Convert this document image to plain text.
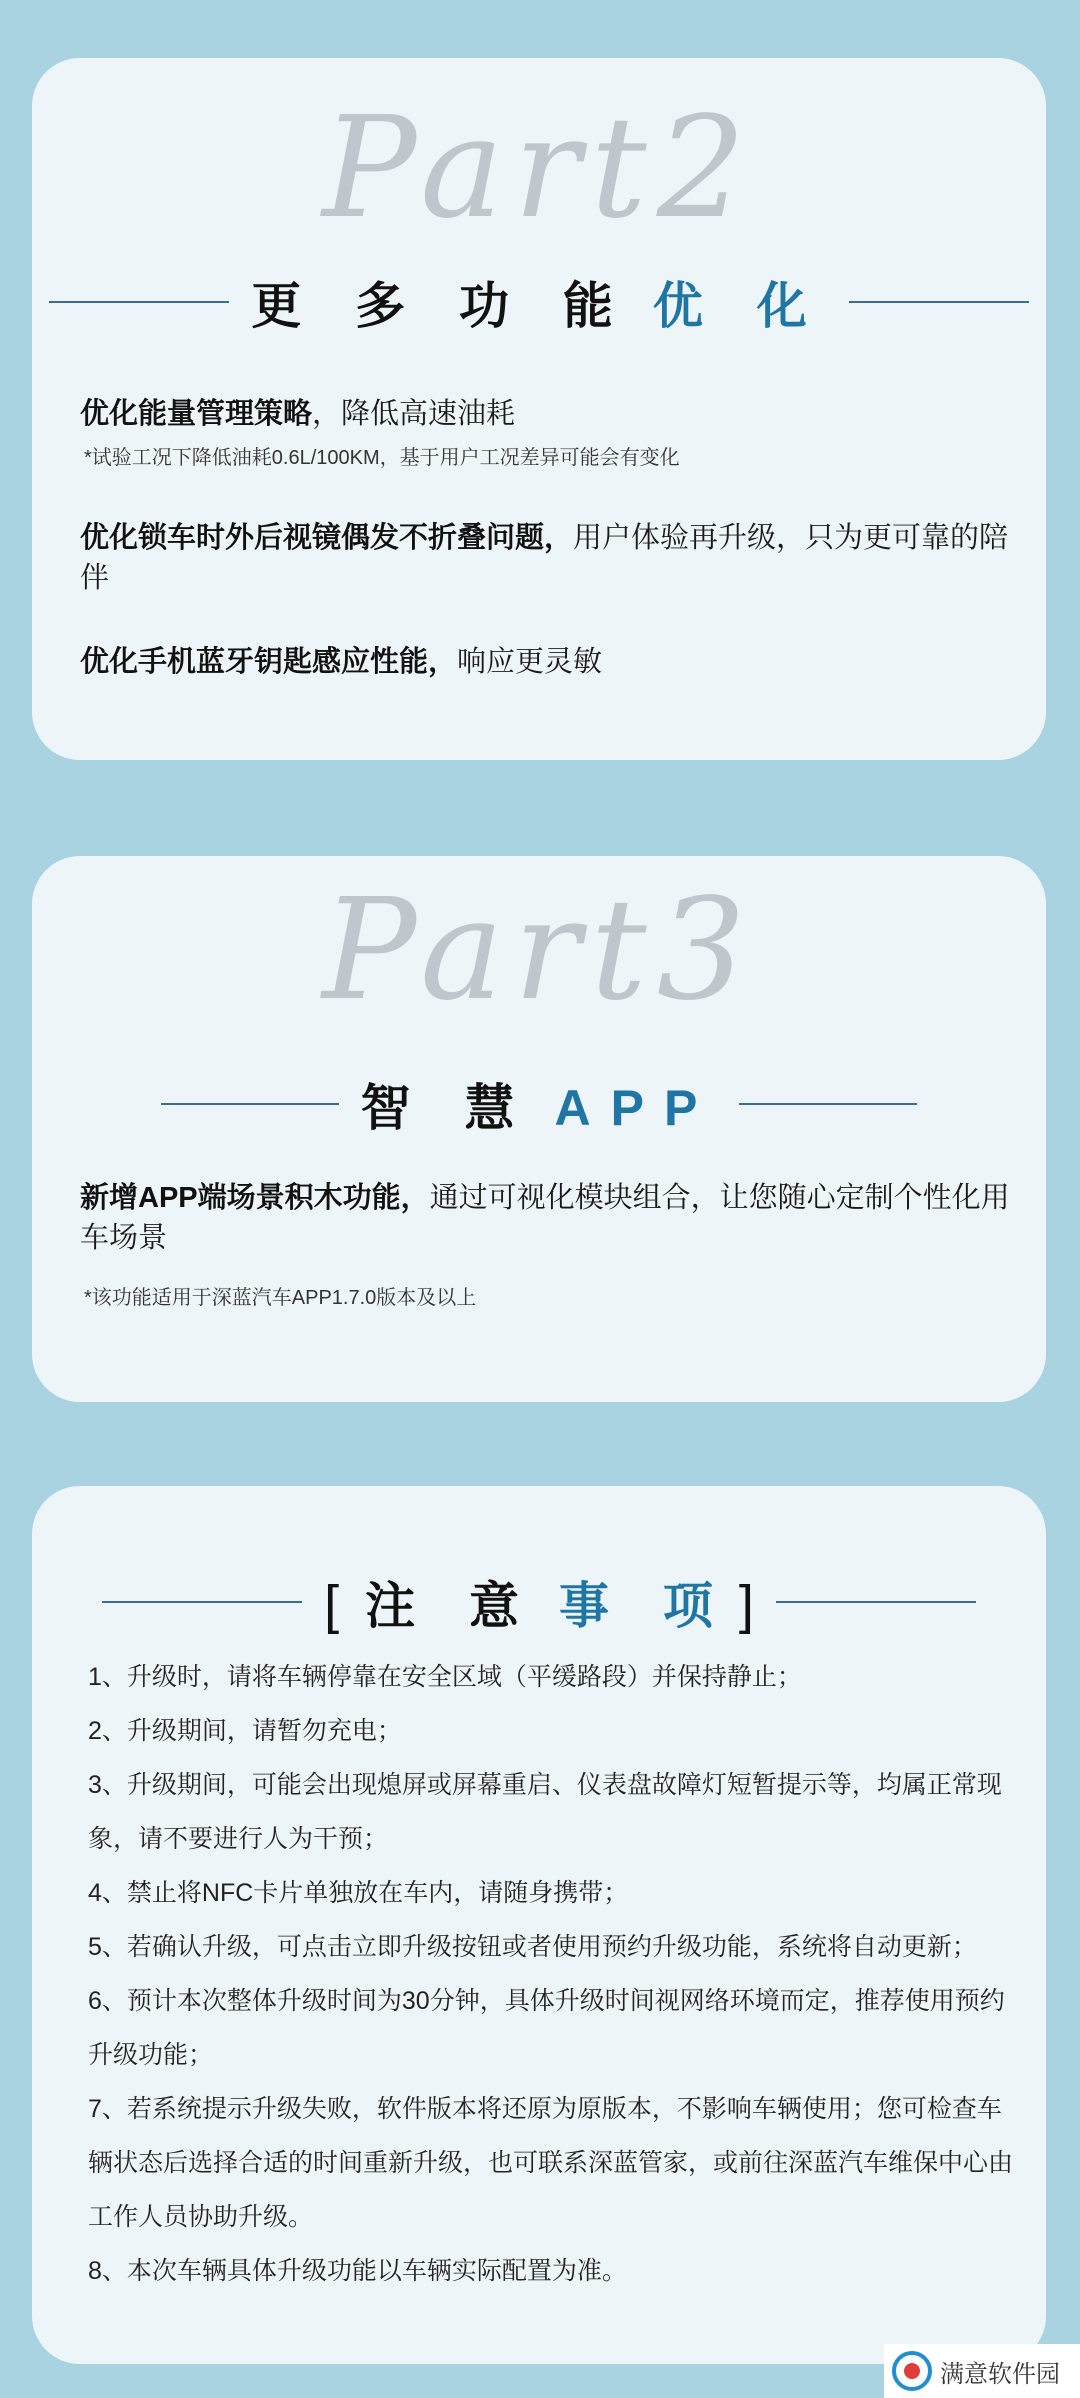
Part2
更 多 功 能 优 化
优化能量管理策略，降低高速油耗
*试验工况下降低油耗0.6L/100KM，基于用户工况差异可能会有变化
优化锁车时外后视镜偶发不折叠问题，用户体验再升级，只为更可靠的陪伴
优化手机蓝牙钥匙感应性能，响应更灵敏
Part3
智 慧 APP
新增APP端场景积木功能，通过可视化模块组合，让您随心定制个性化用车场景
*该功能适用于深蓝汽车APP1.7.0版本及以上
[ 注 意 事 项 ]
1、升级时，请将车辆停靠在安全区域（平缓路段）并保持静止；
2、升级期间，请暂勿充电；
3、升级期间，可能会出现熄屏或屏幕重启、仪表盘故障灯短暂提示等，均属正常现象，请不要进行人为干预；
4、禁止将NFC卡片单独放在车内，请随身携带；
5、若确认升级，可点击立即升级按钮或者使用预约升级功能，系统将自动更新；
6、预计本次整体升级时间为30分钟，具体升级时间视网络环境而定，推荐使用预约升级功能；
7、若系统提示升级失败，软件版本将还原为原版本，不影响车辆使用；您可检查车辆状态后选择合适的时间重新升级，也可联系深蓝管家，或前往深蓝汽车维保中心由工作人员协助升级。
8、本次车辆具体升级功能以车辆实际配置为准。
满意软件园
